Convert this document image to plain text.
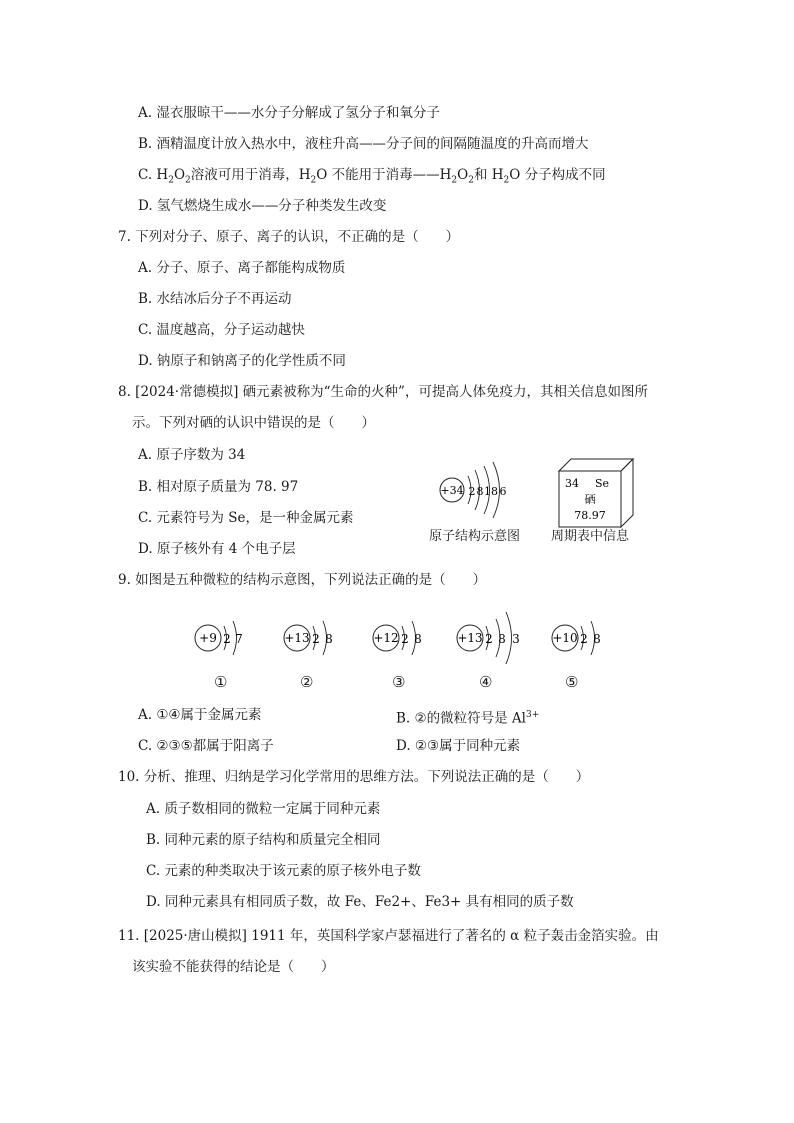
A. 湿衣服晾干——水分子分解成了氢分子和氧分子
B. 酒精温度计放入热水中，液柱升高——分子间的间隔随温度的升高而增大
C. $H_2O_2$溶液可用于消毒，$H_2O$ 不能用于消毒$——H_2O_2$和 $H_2O$ 分子构成不同
D. 氢气燃烧生成水——分子种类发生改变
7. 下列对分子、原子、离子的认识，不正确的是（　　）
A. 分子、原子、离子都能构成物质
B. 水结冰后分子不再运动
C. 温度越高，分子运动越快
D. 钠原子和钠离子的化学性质不同
8. [2024·常德模拟] 硒元素被称为“生命的火种”，可提高人体免疫力，其相关信息如图所
示。下列对硒的认识中错误的是（　　）
A. 原子序数为 34
B. 相对原子质量为 78. 97
C. 元素符号为 Se，是一种金属元素
D. 原子核外有 4 个电子层
+34 2 8 18 6
原子结构示意图
34 Se
硒
78.97
周期表中信息
9. 如图是五种微粒的结构示意图，下列说法正确的是（　　）
+9 2 7	+13 2 8	+12 2 8	+13 2 8 3	+10 2 8
①	②	③	④	⑤
A. ①④属于金属元素	B. ②的微粒符号是 $Al^{3+}$
C. ②③⑤都属于阳离子	D. ②③属于同种元素
10. 分析、推理、归纳是学习化学常用的思维方法。下列说法正确的是（　　）
A. 质子数相同的微粒一定属于同种元素
B. 同种元素的原子结构和质量完全相同
C. 元素的种类取决于该元素的原子核外电子数
D. 同种元素具有相同质子数，故 Fe、Fe2+、Fe3+ 具有相同的质子数
11. [2025·唐山模拟] 1911 年，英国科学家卢瑟福进行了著名的 α 粒子轰击金箔实验。由
该实验不能获得的结论是（　　）
